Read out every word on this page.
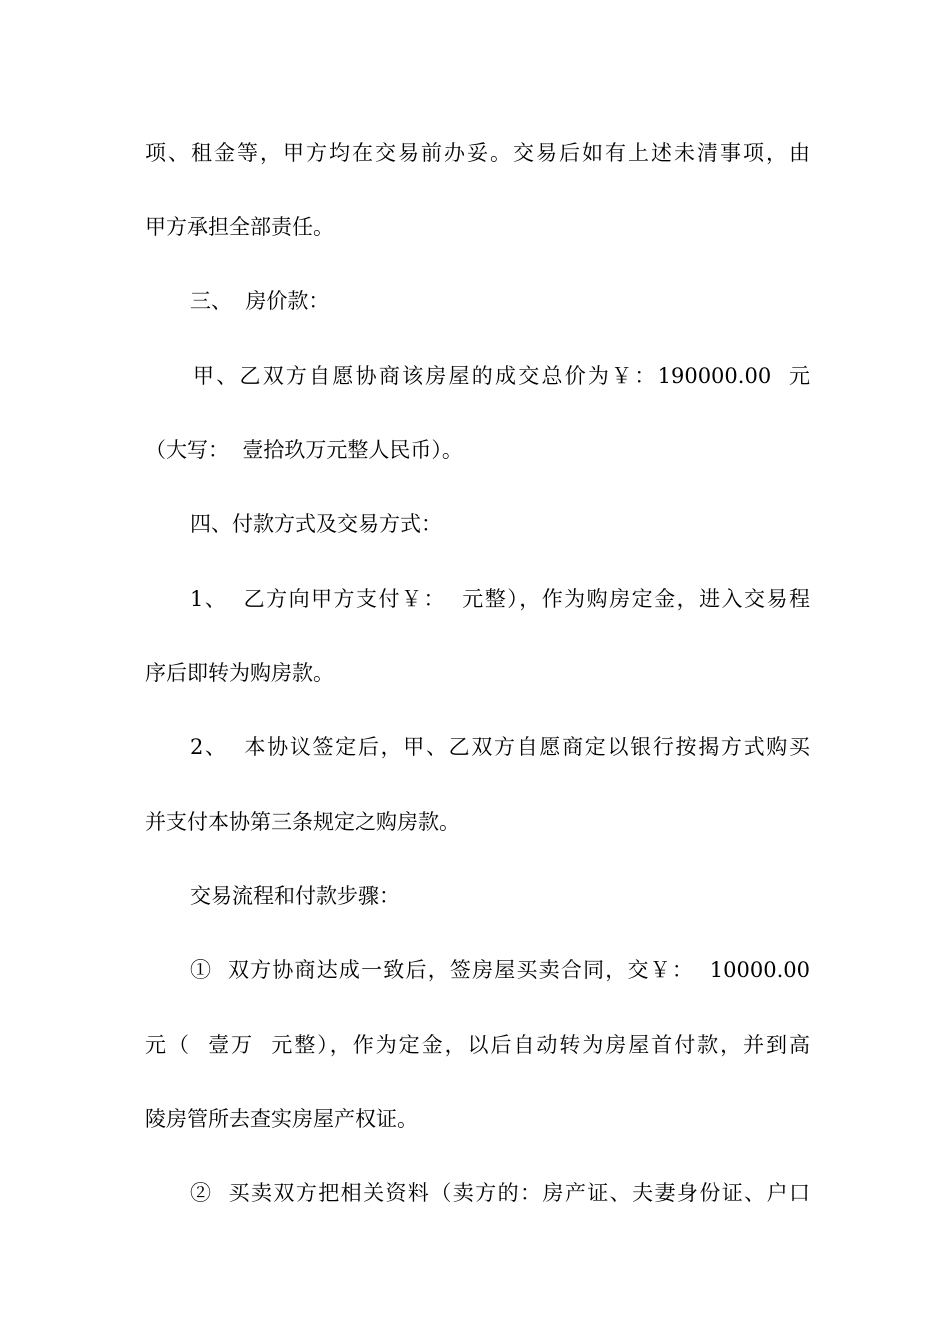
项、租金等，甲方均在交易前办妥。交易后如有上述未清事项，由
甲方承担全部责任。
三、  房价款：
甲、乙双方自愿协商该房屋的成交总价为￥：190000.00  元
（大写：  壹拾玖万元整人民币）。
四、付款方式及交易方式：
1、  乙方向甲方支付￥：  元整），作为购房定金，进入交易程
序后即转为购房款。
2、  本协议签定后，甲、乙双方自愿商定以银行按揭方式购买
并支付本协第三条规定之购房款。
交易流程和付款步骤：
①  双方协商达成一致后，签房屋买卖合同，交￥：  10000.00
元（  壹万  元整），作为定金，以后自动转为房屋首付款，并到高
陵房管所去查实房屋产权证。
②  买卖双方把相关资料（卖方的：房产证、夫妻身份证、户口
